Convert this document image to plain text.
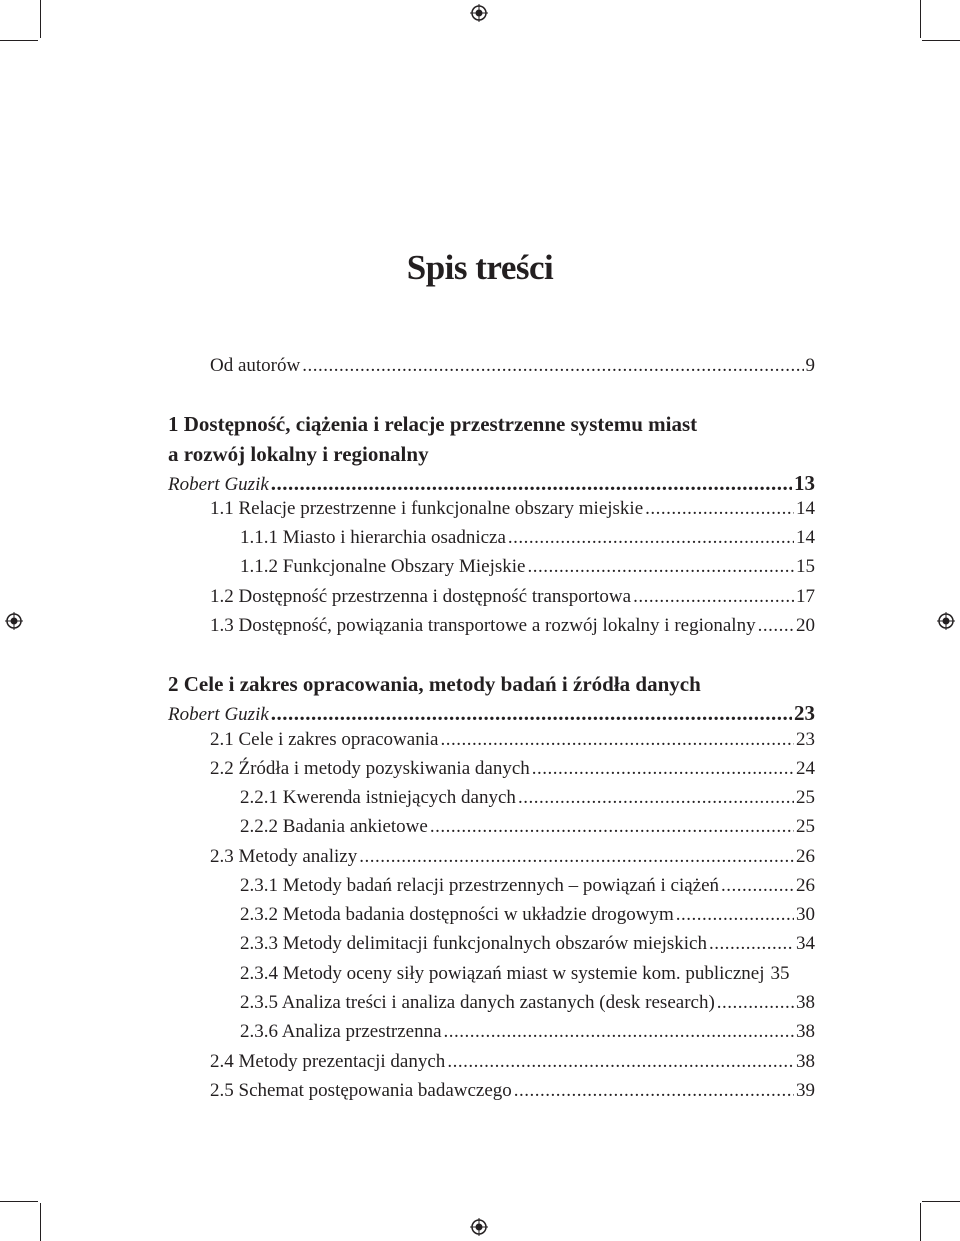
Spis treści
Od autorów .....	9
1 Dostępność, ciążenia i relacje przestrzenne systemu miast
a rozwój lokalny i regionalny
Robert Guzik .....	13
1.1 Relacje przestrzenne i funkcjonalne obszary miejskie .....	14
1.1.1 Miasto i hierarchia osadnicza .....	14
1.1.2 Funkcjonalne Obszary Miejskie .....	15
1.2 Dostępność przestrzenna i dostępność transportowa .....	17
1.3 Dostępność, powiązania transportowe a rozwój lokalny i regionalny ..... 20
2 Cele i zakres opracowania, metody badań i źródła danych
Robert Guzik .....	23
2.1 Cele i zakres opracowania .....	23
2.2 Źródła i metody pozyskiwania danych .....	24
2.2.1 Kwerenda istniejących danych .....	25
2.2.2 Badania ankietowe .....	25
2.3 Metody analizy .....	26
2.3.1 Metody badań relacji przestrzennych – powiązań i ciążeń .....	26
2.3.2 Metoda badania dostępności w układzie drogowym .....	30
2.3.3 Metody delimitacji funkcjonalnych obszarów miejskich .....	34
2.3.4 Metody oceny siły powiązań miast w systemie kom. publicznej 35
2.3.5 Analiza treści i analiza danych zastanych (desk research) .....	38
2.3.6 Analiza przestrzenna .....	38
2.4 Metody prezentacji danych .....	38
2.5 Schemat postępowania badawczego .....	39
